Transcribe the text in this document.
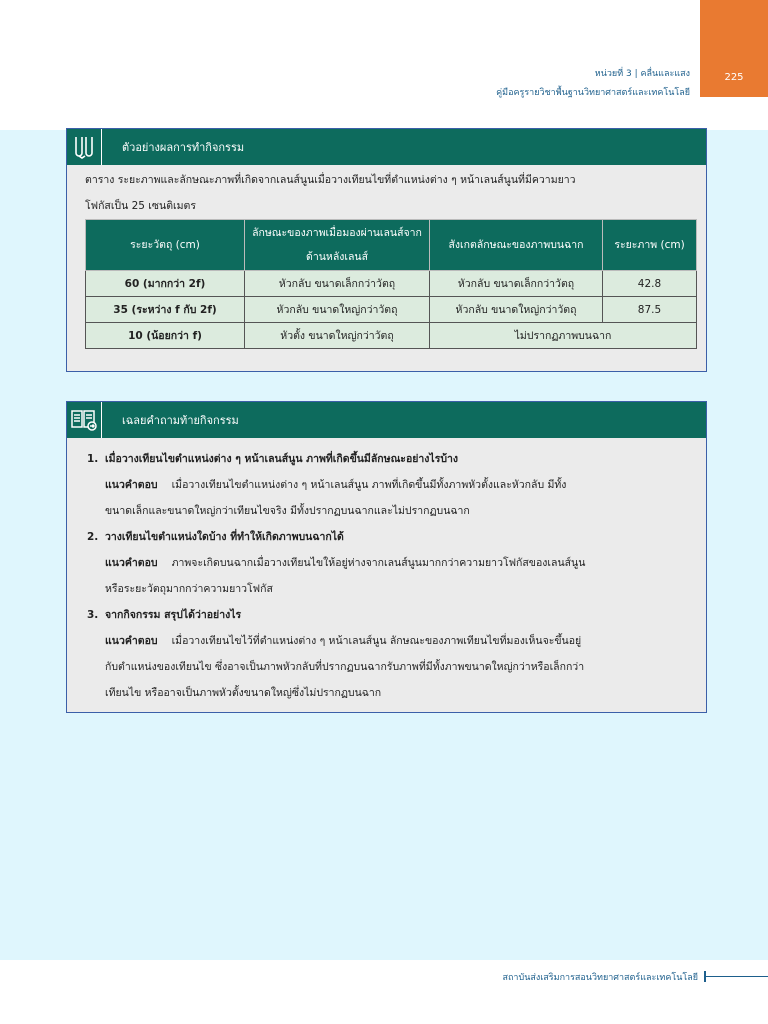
225
หน่วยที่ 3 | คลื่นและแสง
คู่มือครูรายวิชาพื้นฐานวิทยาศาสตร์และเทคโนโลยี
ตัวอย่างผลการทำกิจกรรม
ตาราง ระยะภาพและลักษณะภาพที่เกิดจากเลนส์นูนเมื่อวางเทียนไขที่ตำแหน่งต่าง ๆ หน้าเลนส์นูนที่มีความยาว
โฟกัสเป็น 25 เซนติเมตร
ระยะวัตถุ (cm)	ลักษณะของภาพเมื่อมองผ่านเลนส์จากด้านหลังเลนส์	สังเกตลักษณะของภาพบนฉาก	ระยะภาพ (cm)
60 (มากกว่า 2f)	หัวกลับ ขนาดเล็กกว่าวัตถุ	หัวกลับ ขนาดเล็กกว่าวัตถุ	42.8
35 (ระหว่าง f กับ 2f)	หัวกลับ ขนาดใหญ่กว่าวัตถุ	หัวกลับ ขนาดใหญ่กว่าวัตถุ	87.5
10 (น้อยกว่า f)	หัวตั้ง ขนาดใหญ่กว่าวัตถุ	ไม่ปรากฏภาพบนฉาก	
เฉลยคำถามท้ายกิจกรรม
1. เมื่อวางเทียนไขตำแหน่งต่าง ๆ หน้าเลนส์นูน ภาพที่เกิดขึ้นมีลักษณะอย่างไรบ้าง
แนวคำตอบ เมื่อวางเทียนไขตำแหน่งต่าง ๆ หน้าเลนส์นูน ภาพที่เกิดขึ้นมีทั้งภาพหัวตั้งและหัวกลับ มีทั้ง
ขนาดเล็กและขนาดใหญ่กว่าเทียนไขจริง มีทั้งปรากฏบนฉากและไม่ปรากฏบนฉาก
2. วางเทียนไขตำแหน่งใดบ้าง ที่ทำให้เกิดภาพบนฉากได้
แนวคำตอบ ภาพจะเกิดบนฉากเมื่อวางเทียนไขให้อยู่ห่างจากเลนส์นูนมากกว่าความยาวโฟกัสของเลนส์นูน
หรือระยะวัตถุมากกว่าความยาวโฟกัส
3. จากกิจกรรม สรุปได้ว่าอย่างไร
แนวคำตอบ เมื่อวางเทียนไขไว้ที่ตำแหน่งต่าง ๆ หน้าเลนส์นูน ลักษณะของภาพเทียนไขที่มองเห็นจะขึ้นอยู่
กับตำแหน่งของเทียนไข ซึ่งอาจเป็นภาพหัวกลับที่ปรากฏบนฉากรับภาพที่มีทั้งภาพขนาดใหญ่กว่าหรือเล็กกว่า
เทียนไข หรืออาจเป็นภาพหัวตั้งขนาดใหญ่ซึ่งไม่ปรากฏบนฉาก
สถาบันส่งเสริมการสอนวิทยาศาสตร์และเทคโนโลยี
